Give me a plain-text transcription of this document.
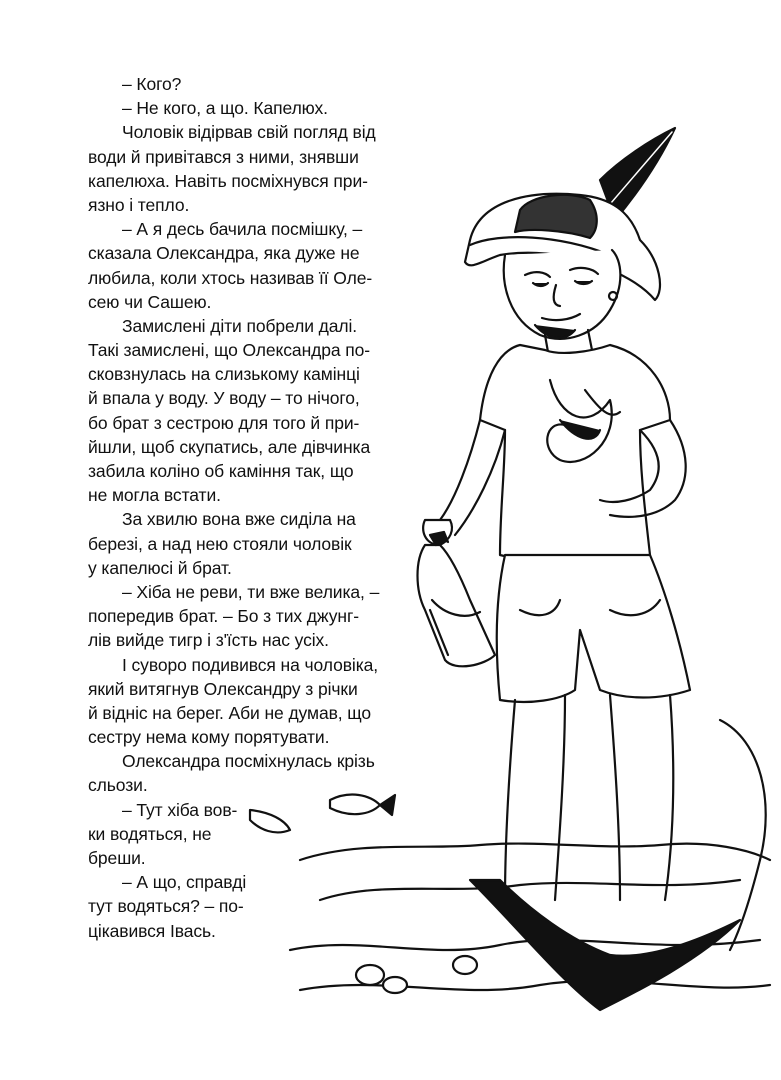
– Кого?
– Не кого, а що. Капелюх.
Чоловік відірвав свій погляд від
води й привітався з ними, знявши
капелюха. Навіть посміхнувся при-
язно і тепло.
– А я десь бачила посмішку, –
сказала Олександра, яка дуже не
любила, коли хтось називав її Оле-
сею чи Сашею.
Замислені діти побрели далі.
Такі замислені, що Олександра по-
сковзнулась на слизькому камінці
й впала у воду. У воду – то нічого,
бо брат з сестрою для того й при-
йшли, щоб скупатись, але дівчинка
забила коліно об каміння так, що
не могла встати.
За хвилю вона вже сиділа на
березі, а над нею стояли чоловік
у капелюсі й брат.
– Хіба не реви, ти вже велика, –
попередив брат. – Бо з тих джунг-
лів вийде тигр і з'їсть нас усіх.
І суворо подивився на чоловіка,
який витягнув Олександру з річки
й відніс на берег. Аби не думав, що
сестру нема кому порятувати.
Олександра посміхнулась крізь
сльози.
– Тут хіба вов-
ки водяться, не
бреши.
– А що, справді
тут водяться? – по-
цікавився Івась.
